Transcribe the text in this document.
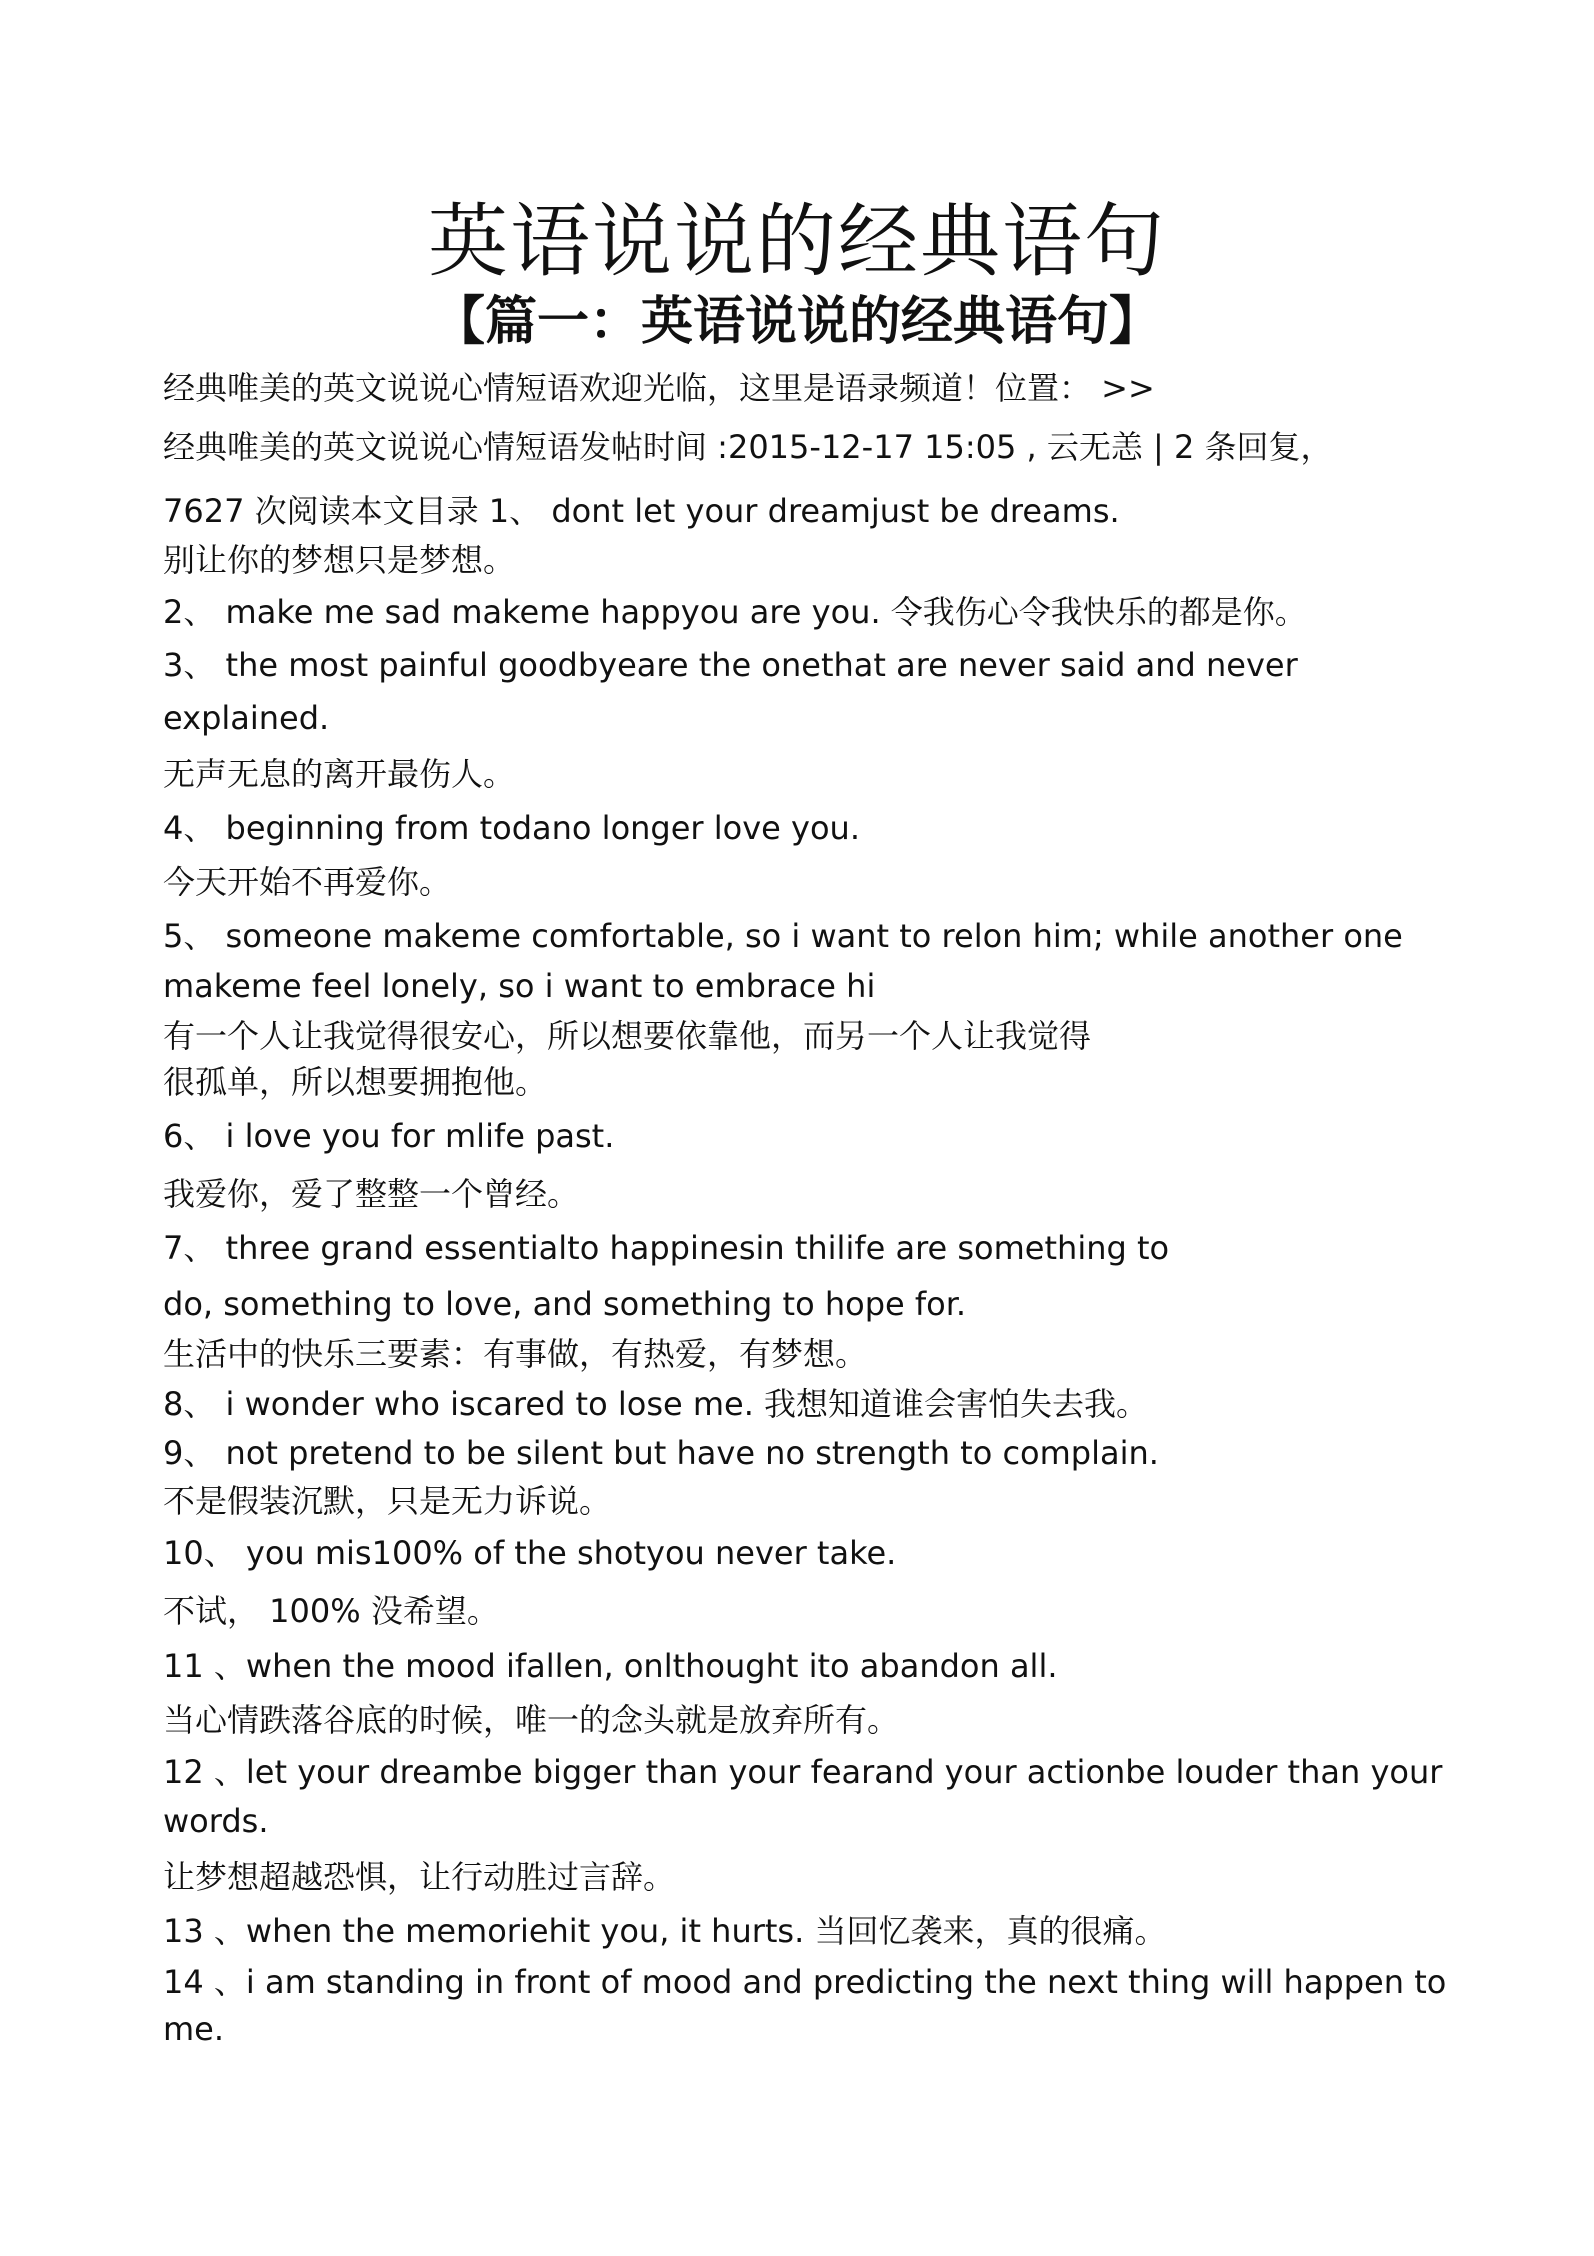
英语说说的经典语句
【篇一：英语说说的经典语句】

经典唯美的英文说说心情短语欢迎光临，这里是语录频道！位置： >>

经典唯美的英文说说心情短语发帖时间 :2015-12-17 15:05 , 云无恙 | 2 条回复，

7627 次阅读本文目录 1、 dont let your dreamjust be dreams.

别让你的梦想只是梦想。

2、 make me sad makeme happyou are you. 令我伤心令我快乐的都是你。

3、 the most painful goodbyeare the onethat are never said and never

explained.

无声无息的离开最伤人。

4、 beginning from todano longer love you.

今天开始不再爱你。

5、 someone makeme comfortable, so i want to relon him; while another one

makeme feel lonely, so i want to embrace hi

有一个人让我觉得很安心，所以想要依靠他，而另一个人让我觉得

很孤单，所以想要拥抱他。

6、 i love you for mlife past.

我爱你，爱了整整一个曾经。

7、 three grand essentialto happinesin thilife are something to

do, something to love, and something to hope for.

生活中的快乐三要素：有事做，有热爱，有梦想。

8、 i wonder who iscared to lose me. 我想知道谁会害怕失去我。

9、 not pretend to be silent but have no strength to complain.

不是假装沉默，只是无力诉说。

10、 you mis100% of the shotyou never take.

不试， 100% 没希望。

11 、when the mood ifallen, onlthought ito abandon all.

当心情跌落谷底的时候，唯一的念头就是放弃所有。

12 、let your dreambe bigger than your fearand your actionbe louder than your

words.

让梦想超越恐惧，让行动胜过言辞。

13 、when the memoriehit you, it hurts. 当回忆袭来，真的很痛。

14 、i am standing in front of mood and predicting the next thing will happen to

me.
